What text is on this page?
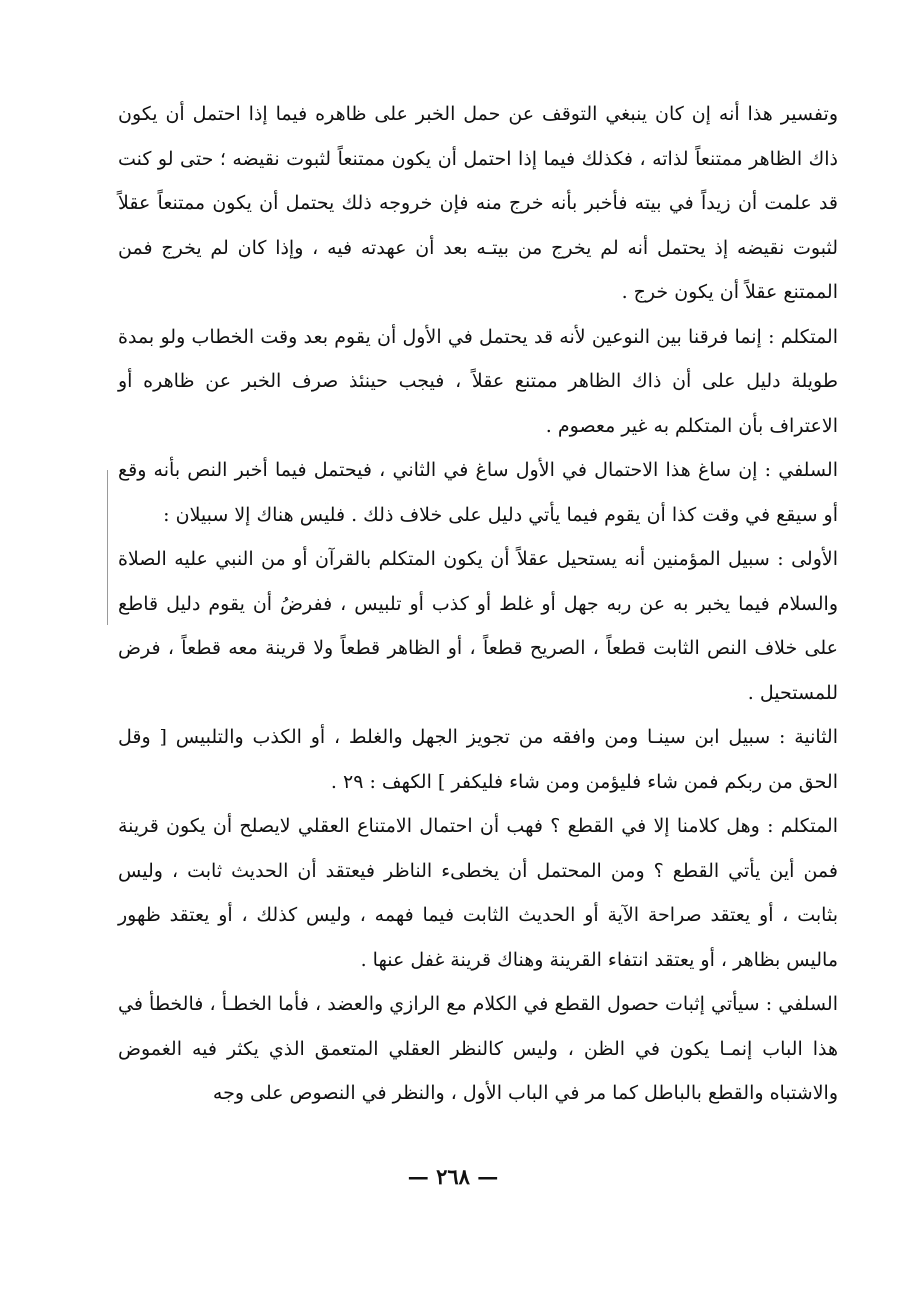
وتفسير هذا أنه إن كان ينبغي التوقف عن حمل الخبر على ظاهره فيما إذا احتمل أن يكون ذاك الظاهر ممتنعاً لذاته ، فكذلك فيما إذا احتمل أن يكون ممتنعاً لثبوت نقيضه ؛ حتى لو كنت قد علمت أن زيداً في بيته فأخبر بأنه خرج منه فإن خروجه ذلك يحتمل أن يكون ممتنعاً عقلاً لثبوت نقيضه إذ يحتمل أنه لم يخرج من بيتـه بعد أن عهدته فيه ، وإذا كان لم يخرج فمن الممتنع عقلاً أن يكون خرج .

المتكلم : إنما فرقنا بين النوعين لأنه قد يحتمل في الأول أن يقوم بعد وقت الخطاب ولو بمدة طويلة دليل على أن ذاك الظاهر ممتنع عقلاً ، فيجب حينئذ صرف الخبر عن ظاهره أو الاعتراف بأن المتكلم به غير معصوم .

السلفي : إن ساغ هذا الاحتمال في الأول ساغ في الثاني ، فيحتمل فيما أخبر النص بأنه وقع أو سيقع في وقت كذا أن يقوم فيما يأتي دليل على خلاف ذلك . فليس هناك إلا سبيلان :

الأولى : سبيل المؤمنين أنه يستحيل عقلاً أن يكون المتكلم بالقرآن أو من النبي عليه الصلاة والسلام فيما يخبر به عن ربه جهل أو غلط أو كذب أو تلبيس ، ففرضُ أن يقوم دليل قاطع على خلاف النص الثابت قطعاً ، الصريح قطعاً ، أو الظاهر قطعاً ولا قرينة معه قطعاً ، فرض للمستحيل .

الثانية : سبيل ابن سينـا ومن وافقه من تجويز الجهل والغلط ، أو الكذب والتلبيس [ وقل الحق من ربكم فمن شاء فليؤمن ومن شاء فليكفر ] الكهف : ٢٩ .

المتكلم : وهل كلامنا إلا في القطع ؟ فهب أن احتمال الامتناع العقلي لايصلح أن يكون قرينة فمن أين يأتي القطع ؟ ومن المحتمل أن يخطىء الناظر فيعتقد أن الحديث ثابت ، وليس بثابت ، أو يعتقد صراحة الآية أو الحديث الثابت فيما فهمه ، وليس كذلك ، أو يعتقد ظهور ماليس بظاهر ، أو يعتقد انتفاء القرينة وهناك قرينة غفل عنها .

السلفي : سيأتي إثبات حصول القطع في الكلام مع الرازي والعضد ، فأما الخطـأ ، فالخطأ في هذا الباب إنمـا يكون في الظن ، وليس كالنظر العقلي المتعمق الذي يكثر فيه الغموض والاشتباه والقطع بالباطل كما مر في الباب الأول ، والنظر في النصوص على وجه

— ٢٦٨ —
